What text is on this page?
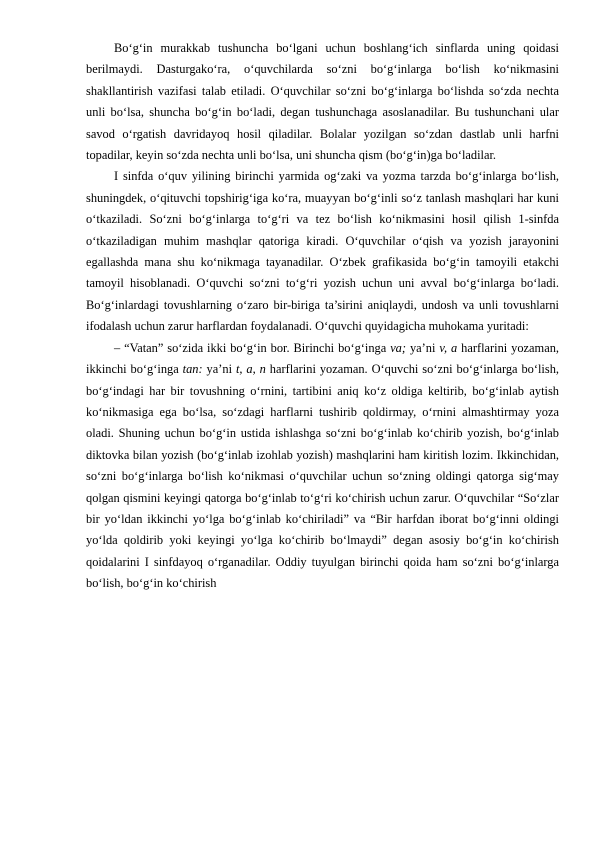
Bo‘g‘in murakkab tushuncha bo‘lgani uchun boshlang‘ich sinflarda uning qoidasi berilmaydi. Dasturgako‘ra, o‘quvchilarda so‘zni bo‘g‘inlarga bo‘lish ko‘nikmasini shakllantirish vazifasi talab etiladi. O‘quvchilar so‘zni bo‘g‘inlarga bo‘lishda so‘zda nechta unli bo‘lsa, shuncha bo‘g‘in bo‘ladi, degan tushunchaga asoslanadilar. Bu tushunchani ular savod o‘rgatish davridayoq hosil qiladilar. Bolalar yozilgan so‘zdan dastlab unli harfni topadilar, keyin so‘zda nechta unli bo‘lsa, uni shuncha qism (bo‘g‘in)ga bo‘ladilar.

I sinfda o‘quv yilining birinchi yarmida og‘zaki va yozma tarzda bo‘g‘inlarga bo‘lish, shuningdek, o‘qituvchi topshirig‘iga ko‘ra, muayyan bo‘g‘inli so‘z tanlash mashqlari har kuni o‘tkaziladi. So‘zni bo‘g‘inlarga to‘g‘ri va tez bo‘lish ko‘nikmasini hosil qilish 1-sinfda o‘tkaziladigan muhim mashqlar qatoriga kiradi. O‘quvchilar o‘qish va yozish jarayonini egallashda mana shu ko‘nikmaga tayanadilar. O‘zbek grafikasida bo‘g‘in tamoyili etakchi tamoyil hisoblanadi. O‘quvchi so‘zni to‘g‘ri yozish uchun uni avval bo‘g‘inlarga bo‘ladi. Bo‘g‘inlardagi tovushlarning o‘zaro bir-biriga ta’sirini aniqlaydi, undosh va unli tovushlarni ifodalash uchun zarur harflardan foydalanadi. O‘quvchi quyidagicha muhokama yuritadi:

– “Vatan” so‘zida ikki bo‘g‘in bor. Birinchi bo‘g‘inga va; ya’ni v, a harflarini yozaman, ikkinchi bo‘g‘inga tan: ya’ni t, a, n harflarini yozaman. O‘quvchi so‘zni bo‘g‘inlarga bo‘lish, bo‘g‘indagi har bir tovushning o‘rnini, tartibini aniq ko‘z oldiga keltirib, bo‘g‘inlab aytish ko‘nikmasiga ega bo‘lsa, so‘zdagi harflarni tushirib qoldirmay, o‘rnini almashtirmay yoza oladi. Shuning uchun bo‘g‘in ustida ishlashga so‘zni bo‘g‘inlab ko‘chirib yozish, bo‘g‘inlab diktovka bilan yozish (bo‘g‘inlab izohlab yozish) mashqlarini ham kiritish lozim. Ikkinchidan, so‘zni bo‘g‘inlarga bo‘lish ko‘nikmasi o‘quvchilar uchun so‘zning oldingi qatorga sig‘may qolgan qismini keyingi qatorga bo‘g‘inlab to‘g‘ri ko‘chirish uchun zarur. O‘quvchilar “So‘zlar bir yo‘ldan ikkinchi yo‘lga bo‘g‘inlab ko‘chiriladi” va “Bir harfdan iborat bo‘g‘inni oldingi yo‘lda qoldirib yoki keyingi yo‘lga ko‘chirib bo‘lmaydi” degan asosiy bo‘g‘in ko‘chirish qoidalarini I sinfdayoq o‘rganadilar. Oddiy tuyulgan birinchi qoida ham so‘zni bo‘g‘inlarga bo‘lish, bo‘g‘in ko‘chirish
